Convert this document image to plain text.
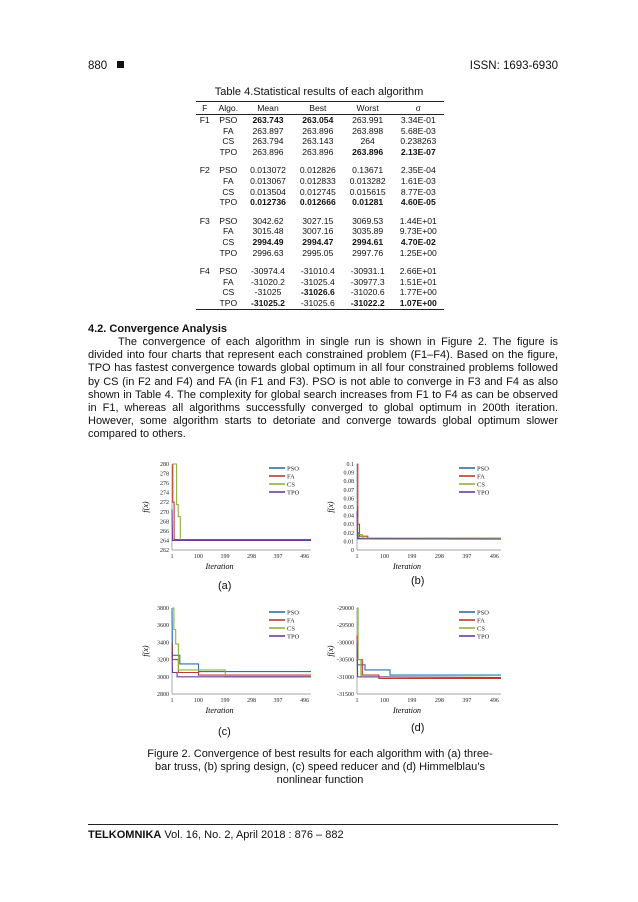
880	ISSN: 1693-6930
Table 4.Statistical results of each algorithm
F	Algo.	Mean	Best	Worst	σ
F1	PSO	263.743	263.054	263.991	3.34E-01
	FA	263.897	263.896	263.898	5.68E-03
	CS	263.794	263.143	264	0.238263
	TPO	263.896	263.896	263.896	2.13E-07

F2	PSO	0.013072	0.012826	0.13671	2.35E-04
	FA	0.013067	0.012833	0.013282	1.61E-03
	CS	0.013504	0.012745	0.015615	8.77E-03
	TPO	0.012736	0.012666	0.01281	4.60E-05

F3	PSO	3042.62	3027.15	3069.53	1.44E+01
	FA	3015.48	3007.16	3035.89	9.73E+00
	CS	2994.49	2994.47	2994.61	4.70E-02
	TPO	2996.63	2995.05	2997.76	1.25E+00

F4	PSO	-30974.4	-31010.4	-30931.1	2.66E+01
	FA	-31020.2	-31025.4	-30977.3	1.51E+01
	CS	-31025	-31026.6	-31020.6	1.77E+00
	TPO	-31025.2	-31025.6	-31022.2	1.07E+00
4.2. Convergence Analysis

The convergence of each algorithm in single run is shown in Figure 2. The figure is divided into four charts that represent each constrained problem (F1–F4). Based on the figure, TPO has fastest convergence towards global optimum in all four constrained problems followed by CS (in F2 and F4) and FA (in F1 and F3). PSO is not able to converge in F3 and F4 as also shown in Table 4. The complexity for global search increases from F1 to F4 as can be observed in F1, whereas all algorithms successfully converged to global optimum in 200th iteration. However, some algorithm starts to detoriate and converge towards global optimum slower compared to others.

f(x)
262
264
266
268
270
272
274
276
278
280
1	100	199	298	397	496
Iteration
PSO
FA
CS
TPO
f(x)
0
0.01
0.02
0.03
0.04
0.05
0.06
0.07
0.08
0.09
0.1
1	100	199	298	397	496
Iteration
PSO
FA
CS
TPO
f(x)
2800
3000
3200
3400
3600
3800
1	100	199	298	397	496
Iteration
PSO
FA
CS
TPO
f(x)
-31500
-31000
-30500
-30000
-29500
-29000
1	100	199	298	397	496
Iteration
PSO
FA
CS
TPO
(a)	(b)
(c)	(d)
Figure 2. Convergence of best results for each algorithm with (a) three-bar truss, (b) spring design, (c) speed reducer and (d) Himmelblau’s nonlinear function
TELKOMNIKA Vol. 16, No. 2, April 2018 : 876 – 882
